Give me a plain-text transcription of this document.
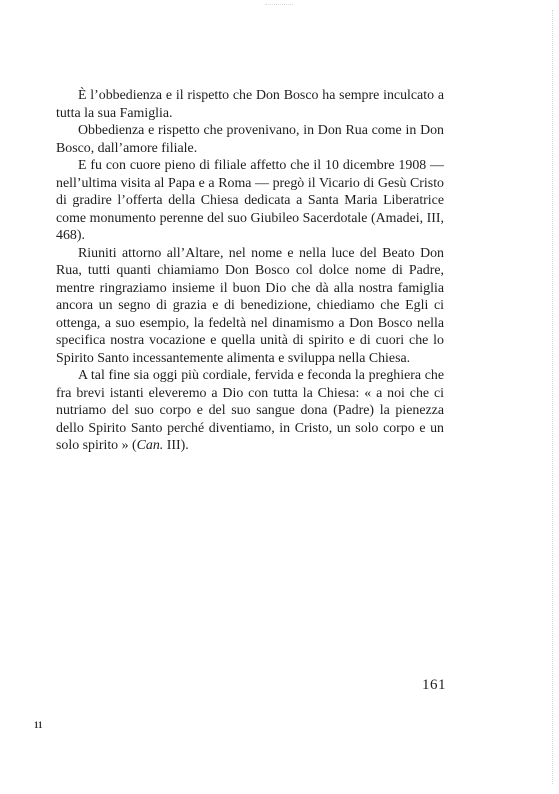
È l’obbedienza e il rispetto che Don Bosco ha sempre inculcato a tutta la sua Famiglia.

Obbedienza e rispetto che provenivano, in Don Rua come in Don Bosco, dall’amore filiale.

E fu con cuore pieno di filiale affetto che il 10 dicembre 1908 — nell’ultima visita al Papa e a Roma — pregò il Vicario di Gesù Cristo di gradire l’offerta della Chiesa dedicata a Santa Maria Liberatrice come monumento perenne del suo Giubileo Sacerdotale (Amadei, III, 468).

Riuniti attorno all’Altare, nel nome e nella luce del Beato Don Rua, tutti quanti chiamiamo Don Bosco col dolce nome di Padre, mentre ringraziamo insieme il buon Dio che dà alla nostra famiglia ancora un segno di grazia e di benedizione, chiediamo che Egli ci ottenga, a suo esempio, la fedeltà nel dinamismo a Don Bosco nella specifica nostra vocazione e quella unità di spirito e di cuori che lo Spirito Santo incessantemente alimenta e sviluppa nella Chiesa.

A tal fine sia oggi più cordiale, fervida e feconda la preghiera che fra brevi istanti eleveremo a Dio con tutta la Chiesa: « a noi che ci nutriamo del suo corpo e del suo sangue dona (Padre) la pienezza dello Spirito Santo perché diventiamo, in Cristo, un solo corpo e un solo spirito » (Can. III).

161
11
